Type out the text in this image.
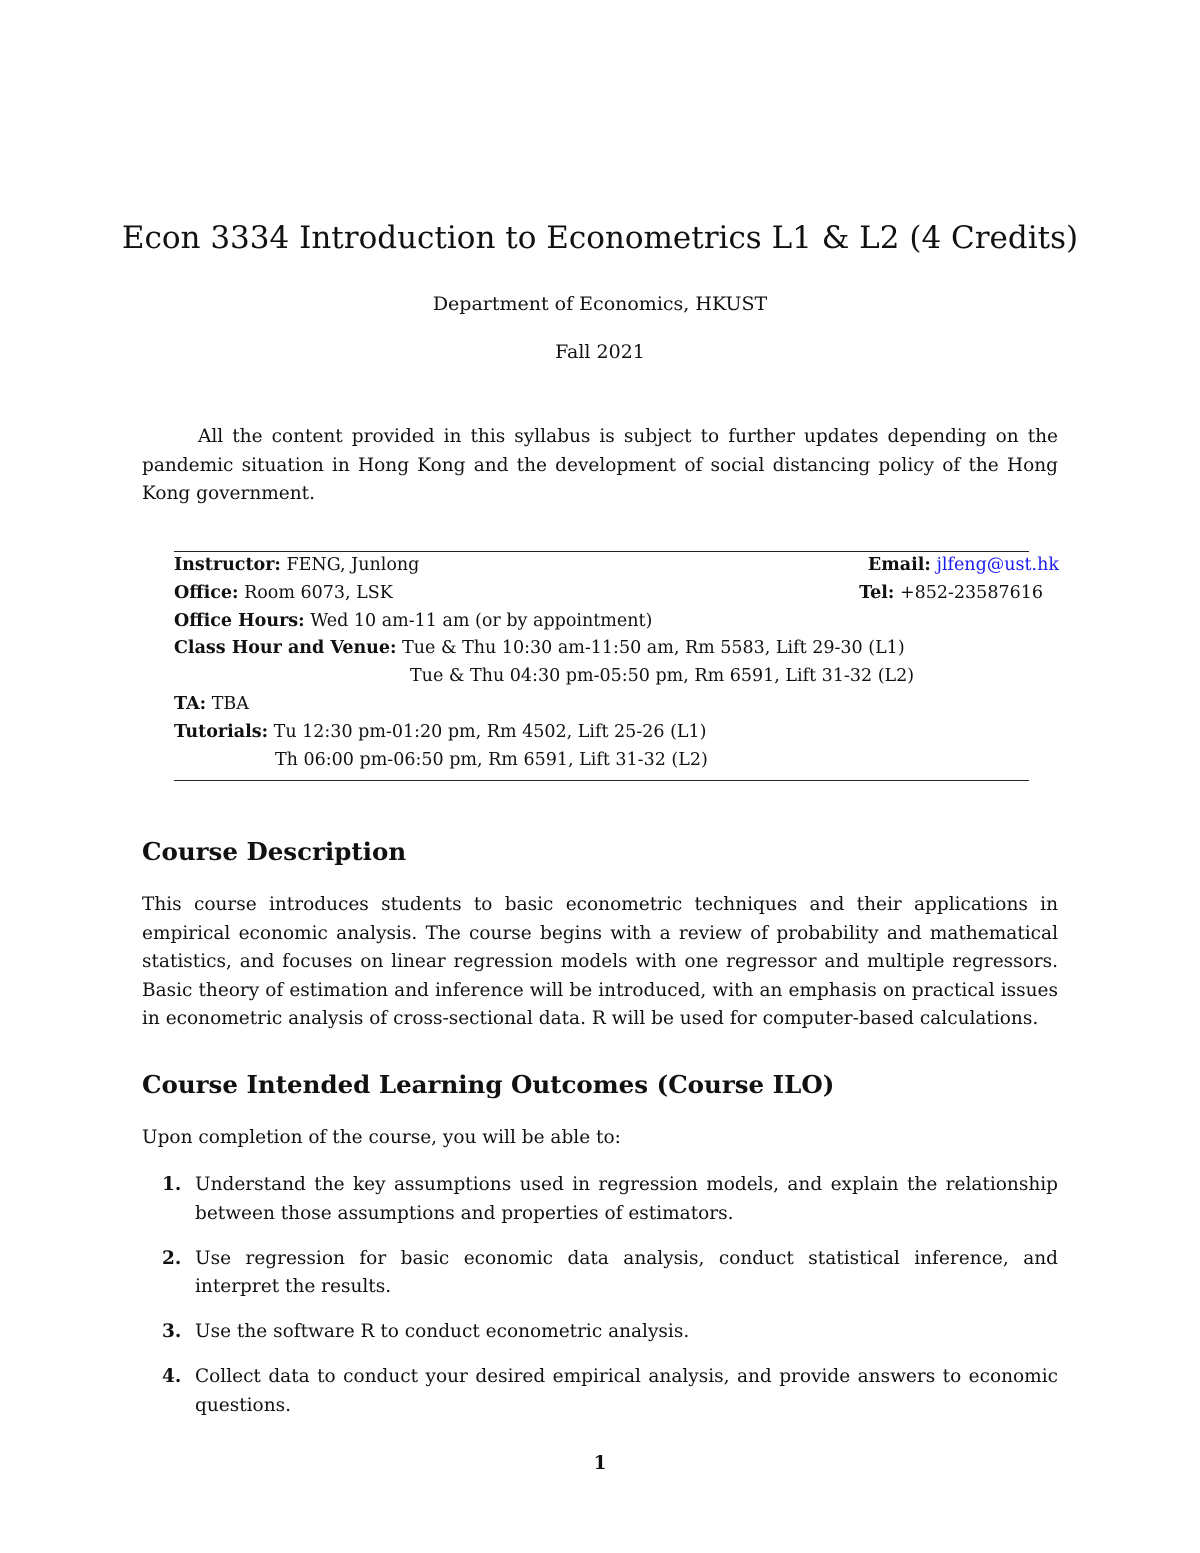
Econ 3334 Introduction to Econometrics L1 & L2 (4 Credits)
Department of Economics, HKUST
Fall 2021
All the content provided in this syllabus is subject to further updates depending on the pandemic situation in Hong Kong and the development of social distancing policy of the Hong Kong government.
Instructor: FENG, Junlong	Email: jlfeng@ust.hk
Office: Room 6073, LSK	Tel: +852-23587616
Office Hours: Wed 10 am-11 am (or by appointment)
Class Hour and Venue: Tue & Thu 10:30 am-11:50 am, Rm 5583, Lift 29-30 (L1)
Tue & Thu 04:30 pm-05:50 pm, Rm 6591, Lift 31-32 (L2)
TA: TBA
Tutorials: Tu 12:30 pm-01:20 pm, Rm 4502, Lift 25-26 (L1)
Th 06:00 pm-06:50 pm, Rm 6591, Lift 31-32 (L2)
Course Description
This course introduces students to basic econometric techniques and their applications in empirical economic analysis. The course begins with a review of probability and mathematical statistics, and focuses on linear regression models with one regressor and multiple regressors. Basic theory of estimation and inference will be introduced, with an emphasis on practical issues in econometric analysis of cross-sectional data. R will be used for computer-based calculations.
Course Intended Learning Outcomes (Course ILO)
Upon completion of the course, you will be able to:
1. Understand the key assumptions used in regression models, and explain the relationship between those assumptions and properties of estimators.
2. Use regression for basic economic data analysis, conduct statistical inference, and interpret the results.
3. Use the software R to conduct econometric analysis.
4. Collect data to conduct your desired empirical analysis, and provide answers to economic questions.
1
